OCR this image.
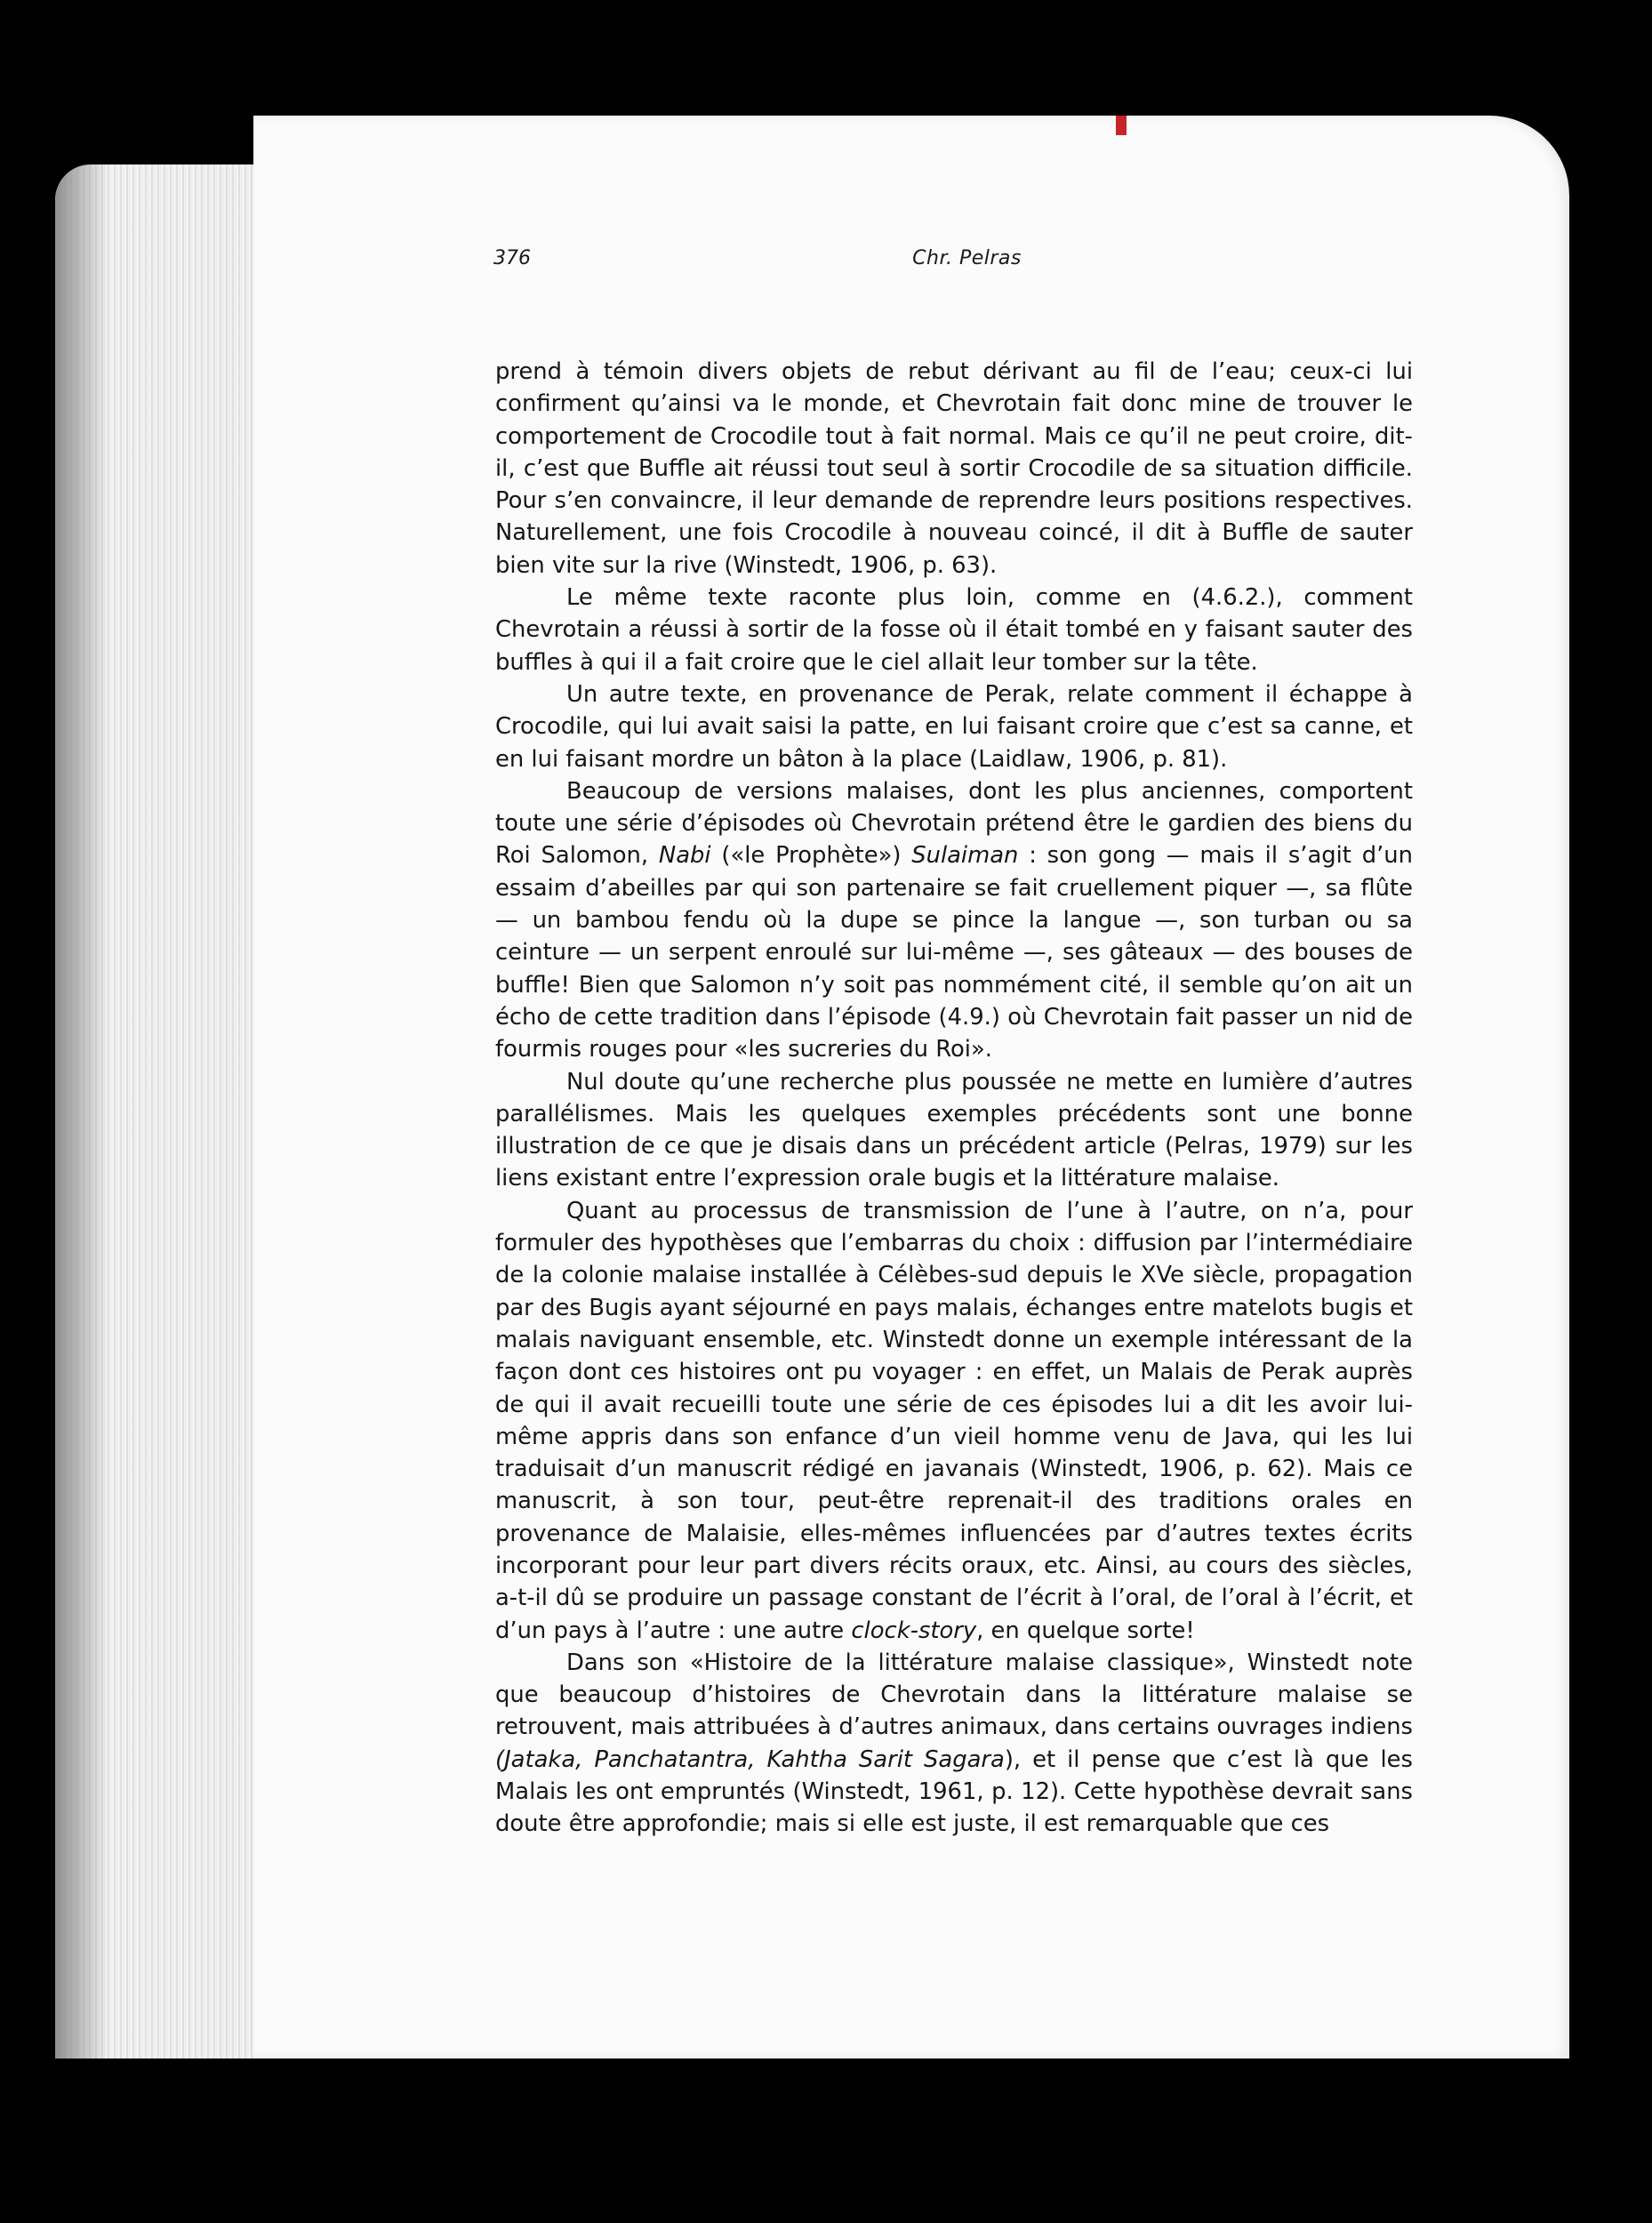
376	Chr. Pelras

prend à témoin divers objets de rebut dérivant au fil de l’eau; ceux-ci lui confirment qu’ainsi va le monde, et Chevrotain fait donc mine de trouver le comportement de Crocodile tout à fait normal. Mais ce qu’il ne peut croire, dit-il, c’est que Buffle ait réussi tout seul à sortir Crocodile de sa situation difficile. Pour s’en convaincre, il leur demande de reprendre leurs positions respectives. Naturellement, une fois Crocodile à nouveau coincé, il dit à Buffle de sauter bien vite sur la rive (Winstedt, 1906, p. 63).

Le même texte raconte plus loin, comme en (4.6.2.), comment Chevrotain a réussi à sortir de la fosse où il était tombé en y faisant sauter des buffles à qui il a fait croire que le ciel allait leur tomber sur la tête.

Un autre texte, en provenance de Perak, relate comment il échappe à Crocodile, qui lui avait saisi la patte, en lui faisant croire que c’est sa canne, et en lui faisant mordre un bâton à la place (Laidlaw, 1906, p. 81).

Beaucoup de versions malaises, dont les plus anciennes, comportent toute une série d’épisodes où Chevrotain prétend être le gardien des biens du Roi Salomon, Nabi («le Prophète») Sulaiman : son gong — mais il s’agit d’un essaim d’abeilles par qui son partenaire se fait cruellement piquer —, sa flûte — un bambou fendu où la dupe se pince la langue —, son turban ou sa ceinture — un serpent enroulé sur lui-même —, ses gâteaux — des bouses de buffle! Bien que Salomon n’y soit pas nommément cité, il semble qu’on ait un écho de cette tradition dans l’épisode (4.9.) où Chevrotain fait passer un nid de fourmis rouges pour «les sucreries du Roi».

Nul doute qu’une recherche plus poussée ne mette en lumière d’autres parallélismes. Mais les quelques exemples précédents sont une bonne illustration de ce que je disais dans un précédent article (Pelras, 1979) sur les liens existant entre l’expression orale bugis et la littérature malaise.

Quant au processus de transmission de l’une à l’autre, on n’a, pour formuler des hypothèses que l’embarras du choix : diffusion par l’intermédiaire de la colonie malaise installée à Célèbes-sud depuis le XVe siècle, propagation par des Bugis ayant séjourné en pays malais, échanges entre matelots bugis et malais naviguant ensemble, etc. Winstedt donne un exemple intéressant de la façon dont ces histoires ont pu voyager : en effet, un Malais de Perak auprès de qui il avait recueilli toute une série de ces épisodes lui a dit les avoir lui-même appris dans son enfance d’un vieil homme venu de Java, qui les lui traduisait d’un manuscrit rédigé en javanais (Winstedt, 1906, p. 62). Mais ce manuscrit, à son tour, peut-être reprenait-il des traditions orales en provenance de Malaisie, elles-mêmes influencées par d’autres textes écrits incorporant pour leur part divers récits oraux, etc. Ainsi, au cours des siècles, a-t-il dû se produire un passage constant de l’écrit à l’oral, de l’oral à l’écrit, et d’un pays à l’autre : une autre clock-story, en quelque sorte!

Dans son «Histoire de la littérature malaise classique», Winstedt note que beaucoup d’histoires de Chevrotain dans la littérature malaise se retrouvent, mais attribuées à d’autres animaux, dans certains ouvrages indiens (Jataka, Panchatantra, Kahtha Sarit Sagara), et il pense que c’est là que les Malais les ont empruntés (Winstedt, 1961, p. 12). Cette hypothèse devrait sans doute être approfondie; mais si elle est juste, il est remarquable que ces
